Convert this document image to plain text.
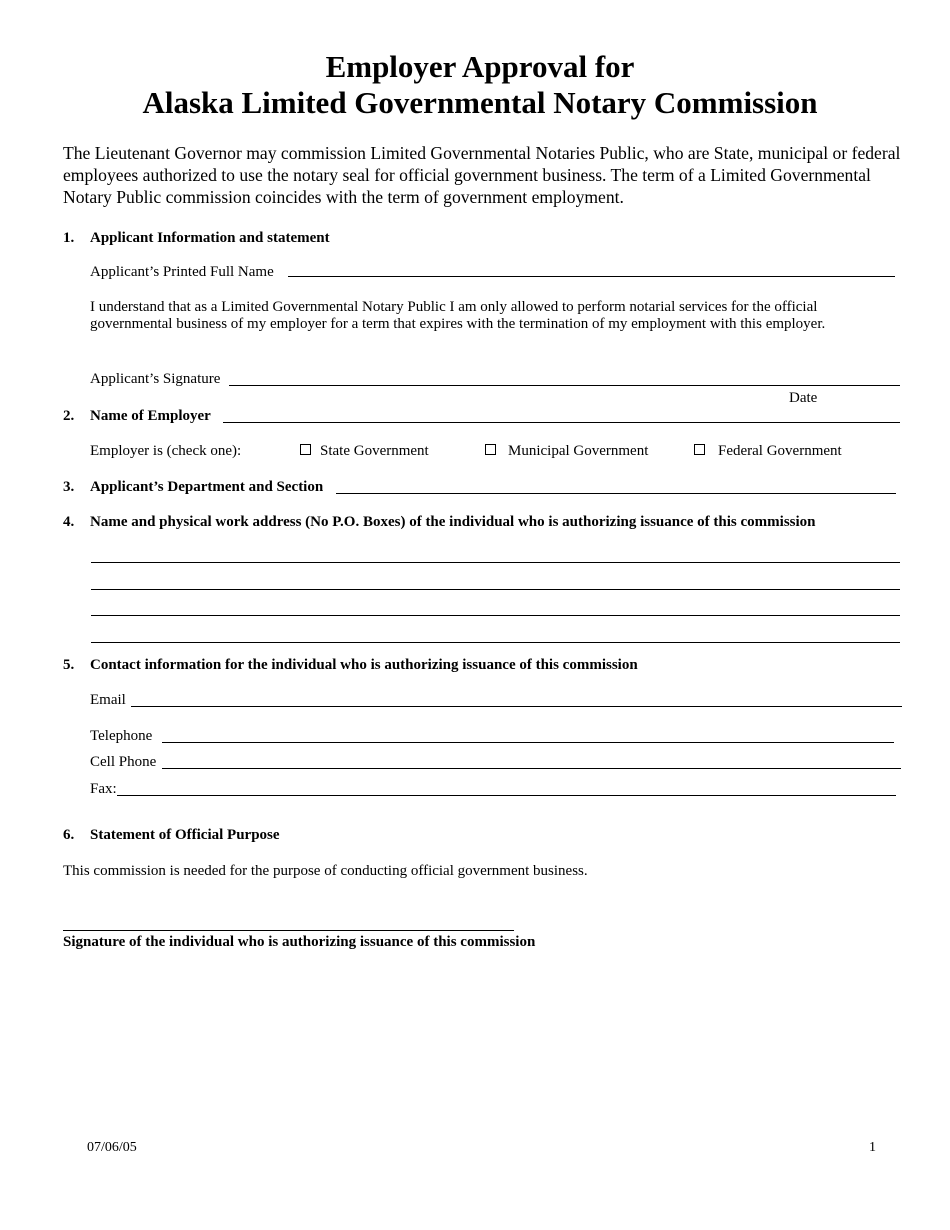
Employer Approval for
Alaska Limited Governmental Notary Commission
The Lieutenant Governor may commission Limited Governmental Notaries Public, who are State, municipal or federal employees authorized to use the notary seal for official government business. The term of a Limited Governmental Notary Public commission coincides with the term of government employment.
1. Applicant Information and statement
Applicant’s Printed Full Name
I understand that as a Limited Governmental Notary Public I am only allowed to perform notarial services for the official governmental business of my employer for a term that expires with the termination of my employment with this employer.
Applicant’s Signature
Date
2. Name of Employer
Employer is (check one):	State Government	Municipal Government	Federal Government
3. Applicant’s Department and Section
4. Name and physical work address (No P.O. Boxes) of the individual who is authorizing issuance of this commission
5. Contact information for the individual who is authorizing issuance of this commission
Email
Telephone
Cell Phone
Fax:
6. Statement of Official Purpose
This commission is needed for the purpose of conducting official government business.
Signature of the individual who is authorizing issuance of this commission
07/06/05	1
